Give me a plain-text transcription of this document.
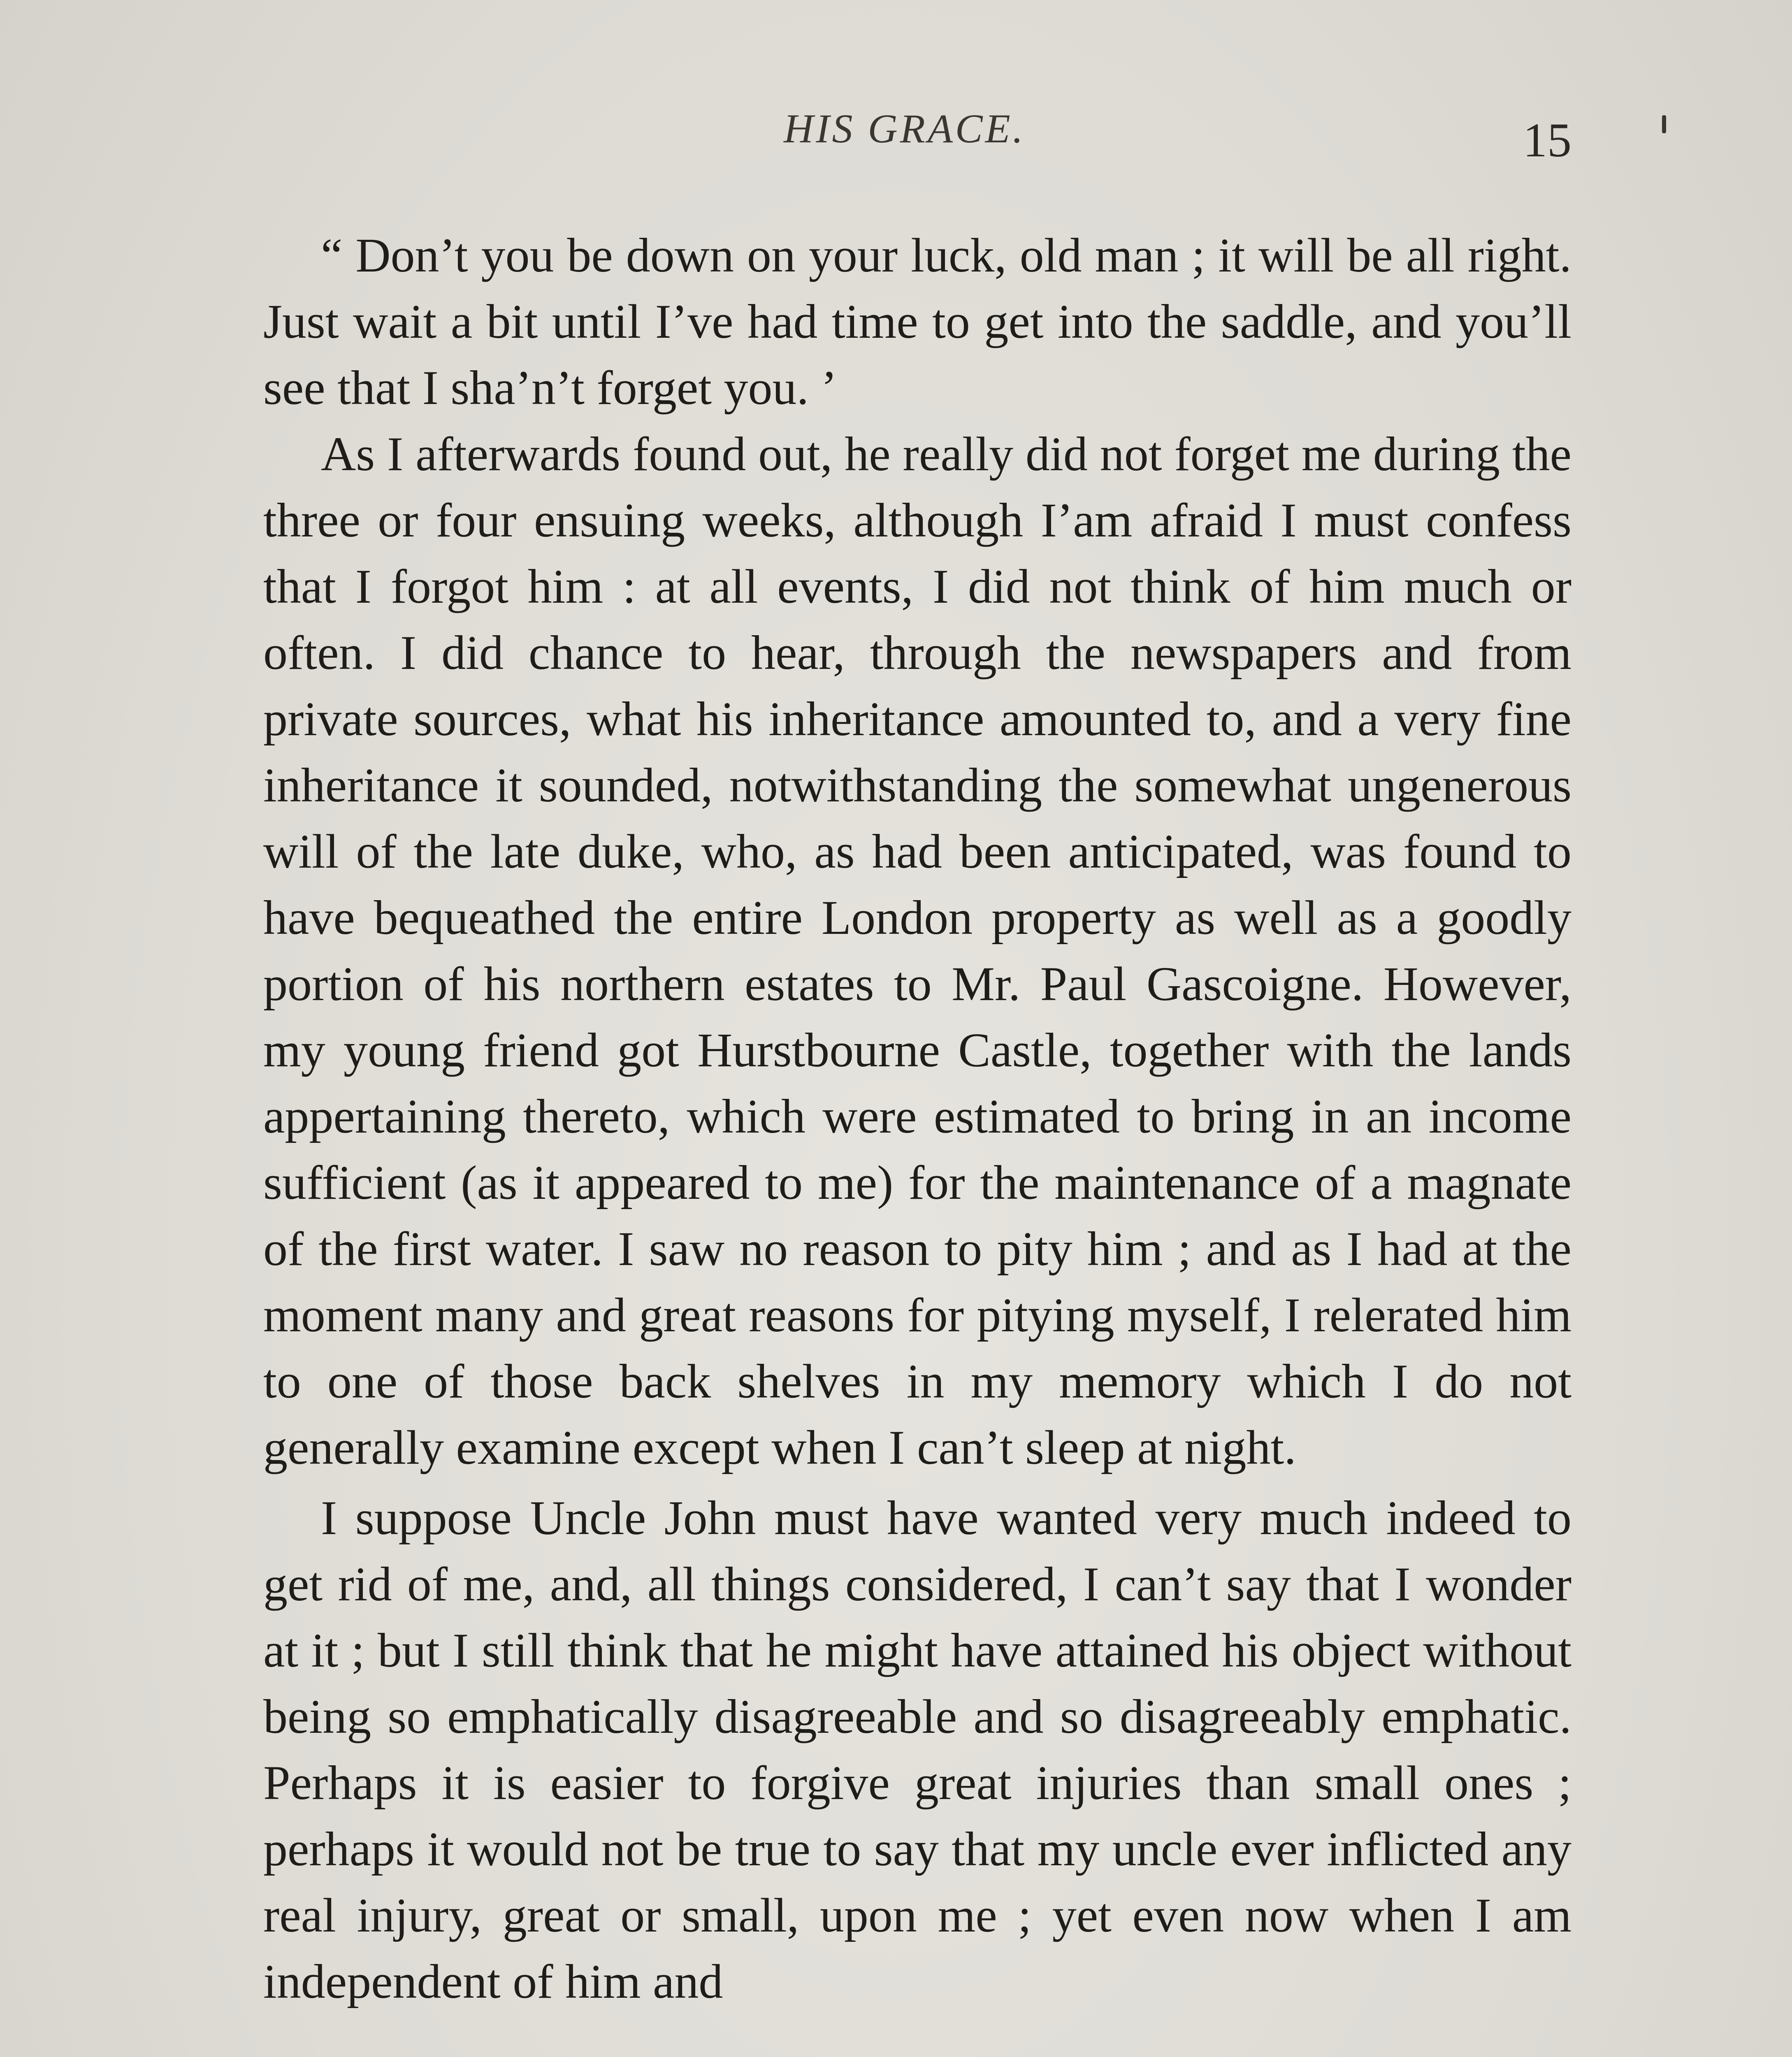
HIS GRACE.	15

“ Don’t you be down on your luck, old man ; it will be all right. Just wait a bit until I’ve had time to get into the saddle, and you’ll see that I sha’n’t forget you. ’

As I afterwards found out, he really did not forget me during the three or four ensuing weeks, although I’am afraid I must confess that I forgot him : at all events, I did not think of him much or often. I did chance to hear, through the newspapers and from private sources, what his inheritance amounted to, and a very fine inheritance it sounded, notwithstanding the somewhat ungenerous will of the late duke, who, as had been anticipated, was found to have bequeathed the entire London property as well as a goodly portion of his northern estates to Mr. Paul Gascoigne. However, my young friend got Hurstbourne Castle, together with the lands appertaining thereto, which were estimated to bring in an income sufficient (as it appeared to me) for the maintenance of a magnate of the first water. I saw no reason to pity him ; and as I had at the moment many and great reasons for pitying myself, I relerated him to one of those back shelves in my memory which I do not generally examine except when I can’t sleep at night.

I suppose Uncle John must have wanted very much indeed to get rid of me, and, all things considered, I can’t say that I wonder at it ; but I still think that he might have attained his object without being so emphatically disagreeable and so disagreeably emphatic. Perhaps it is easier to forgive great injuries than small ones ; perhaps it would not be true to say that my uncle ever inflicted any real injury, great or small, upon me ; yet even now when I am independent of him and
